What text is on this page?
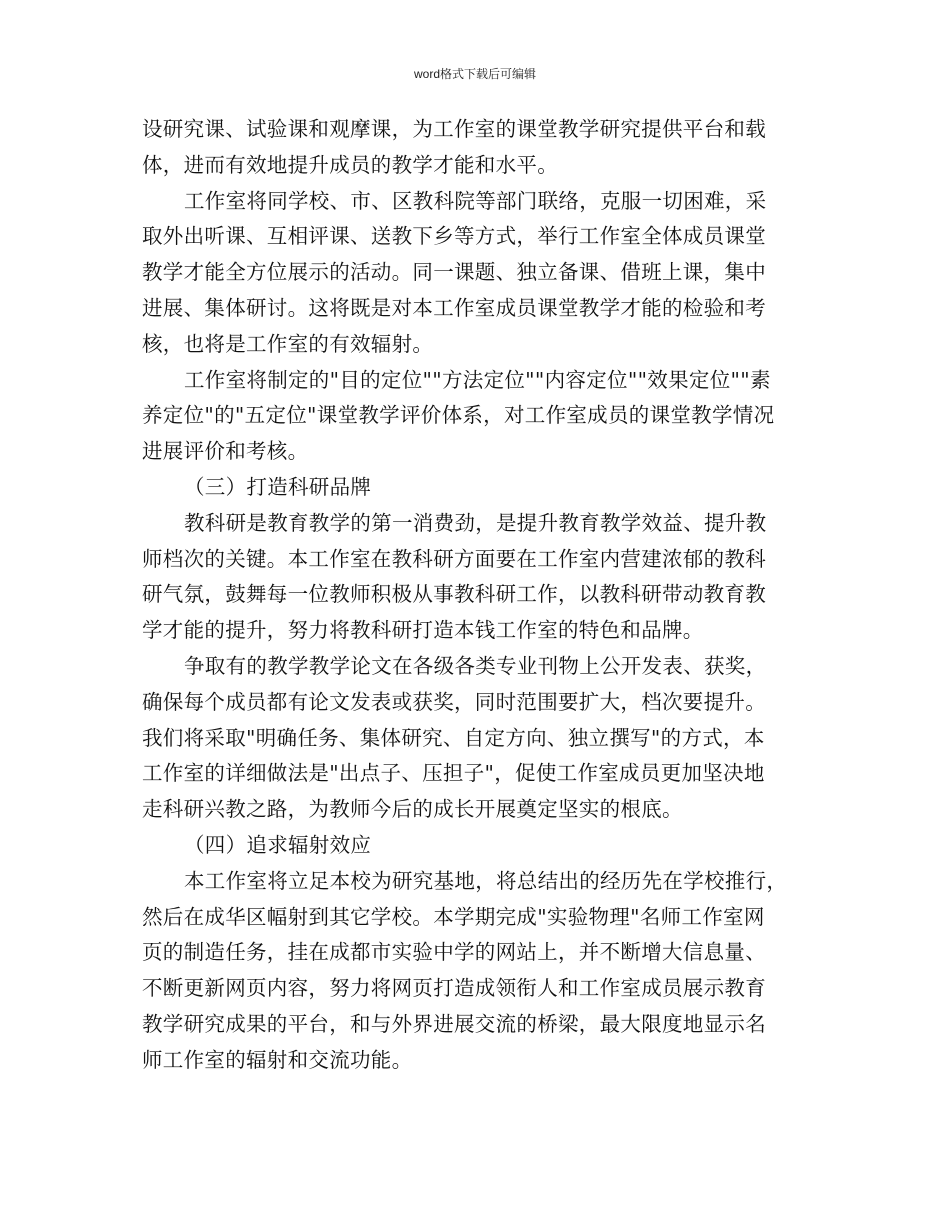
word格式下载后可编辑
设研究课、试验课和观摩课，为工作室的课堂教学研究提供平台和载
体，进而有效地提升成员的教学才能和水平。
工作室将同学校、市、区教科院等部门联络，克服一切困难，采
取外出听课、互相评课、送教下乡等方式，举行工作室全体成员课堂
教学才能全方位展示的活动。同一课题、独立备课、借班上课，集中
进展、集体研讨。这将既是对本工作室成员课堂教学才能的检验和考
核，也将是工作室的有效辐射。
工作室将制定的"目的定位""方法定位""内容定位""效果定位""素
养定位"的"五定位"课堂教学评价体系，对工作室成员的课堂教学情况
进展评价和考核。
（三）打造科研品牌
教科研是教育教学的第一消费劲，是提升教育教学效益、提升教
师档次的关键。本工作室在教科研方面要在工作室内营建浓郁的教科
研气氛，鼓舞每一位教师积极从事教科研工作，以教科研带动教育教
学才能的提升，努力将教科研打造本钱工作室的特色和品牌。
争取有的教学教学论文在各级各类专业刊物上公开发表、获奖，
确保每个成员都有论文发表或获奖，同时范围要扩大，档次要提升。
我们将采取"明确任务、集体研究、自定方向、独立撰写"的方式，本
工作室的详细做法是"出点子、压担子"，促使工作室成员更加坚决地
走科研兴教之路，为教师今后的成长开展奠定坚实的根底。
（四）追求辐射效应
本工作室将立足本校为研究基地，将总结出的经历先在学校推行，
然后在成华区幅射到其它学校。本学期完成"实验物理"名师工作室网
页的制造任务，挂在成都市实验中学的网站上，并不断增大信息量、
不断更新网页内容，努力将网页打造成领衔人和工作室成员展示教育
教学研究成果的平台，和与外界进展交流的桥梁，最大限度地显示名
师工作室的辐射和交流功能。
